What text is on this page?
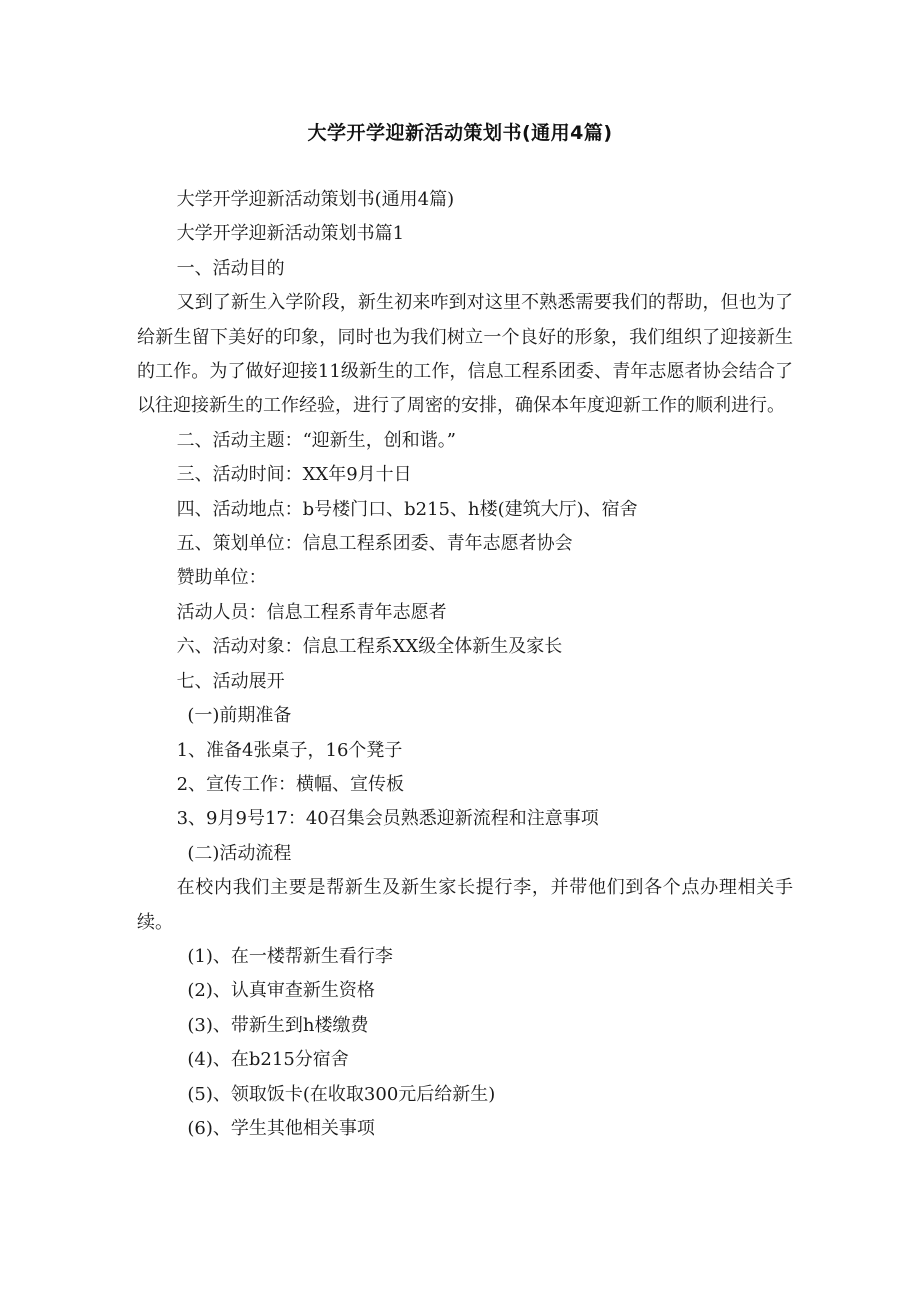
大学开学迎新活动策划书(通用4篇)

大学开学迎新活动策划书(通用4篇)

大学开学迎新活动策划书篇1

一、活动目的

又到了新生入学阶段，新生初来咋到对这里不熟悉需要我们的帮助，但也为了给新生留下美好的印象，同时也为我们树立一个良好的形象，我们组织了迎接新生的工作。为了做好迎接11级新生的工作，信息工程系团委、青年志愿者协会结合了以往迎接新生的工作经验，进行了周密的安排，确保本年度迎新工作的顺利进行。

二、活动主题：“迎新生，创和谐。”

三、活动时间：XX年9月十日

四、活动地点：b号楼门口、b215、h楼(建筑大厅)、宿舍

五、策划单位：信息工程系团委、青年志愿者协会

赞助单位：

活动人员：信息工程系青年志愿者

六、活动对象：信息工程系XX级全体新生及家长

七、活动展开

(一)前期准备

1、准备4张桌子，16个凳子

2、宣传工作：横幅、宣传板

3、9月9号17：40召集会员熟悉迎新流程和注意事项

(二)活动流程

在校内我们主要是帮新生及新生家长提行李，并带他们到各个点办理相关手续。

(1)、在一楼帮新生看行李

(2)、认真审查新生资格

(3)、带新生到h楼缴费

(4)、在b215分宿舍

(5)、领取饭卡(在收取300元后给新生)

(6)、学生其他相关事项
